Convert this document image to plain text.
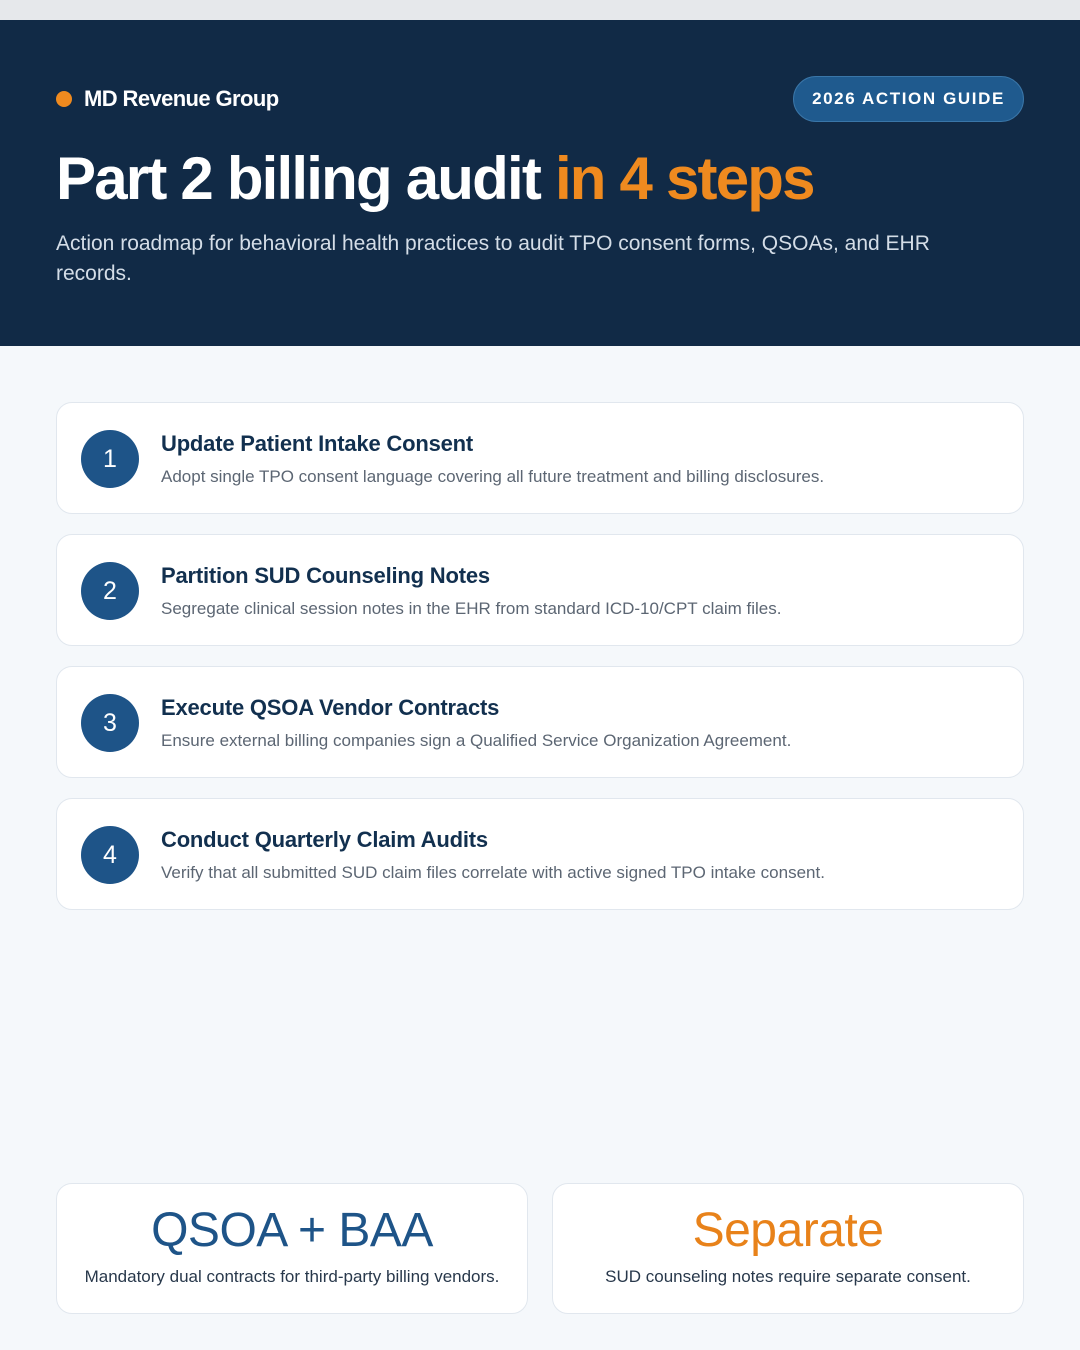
MD Revenue Group	2026 ACTION GUIDE
Part 2 billing audit in 4 steps

Action roadmap for behavioral health practices to audit TPO consent forms, QSOAs, and EHR records.

1
Update Patient Intake Consent
Adopt single TPO consent language covering all future treatment and billing disclosures.
2
Partition SUD Counseling Notes
Segregate clinical session notes in the EHR from standard ICD-10/CPT claim files.
3
Execute QSOA Vendor Contracts
Ensure external billing companies sign a Qualified Service Organization Agreement.
4
Conduct Quarterly Claim Audits
Verify that all submitted SUD claim files correlate with active signed TPO intake consent.
QSOA + BAA
Mandatory dual contracts for third-party billing vendors.
Separate
SUD counseling notes require separate consent.
